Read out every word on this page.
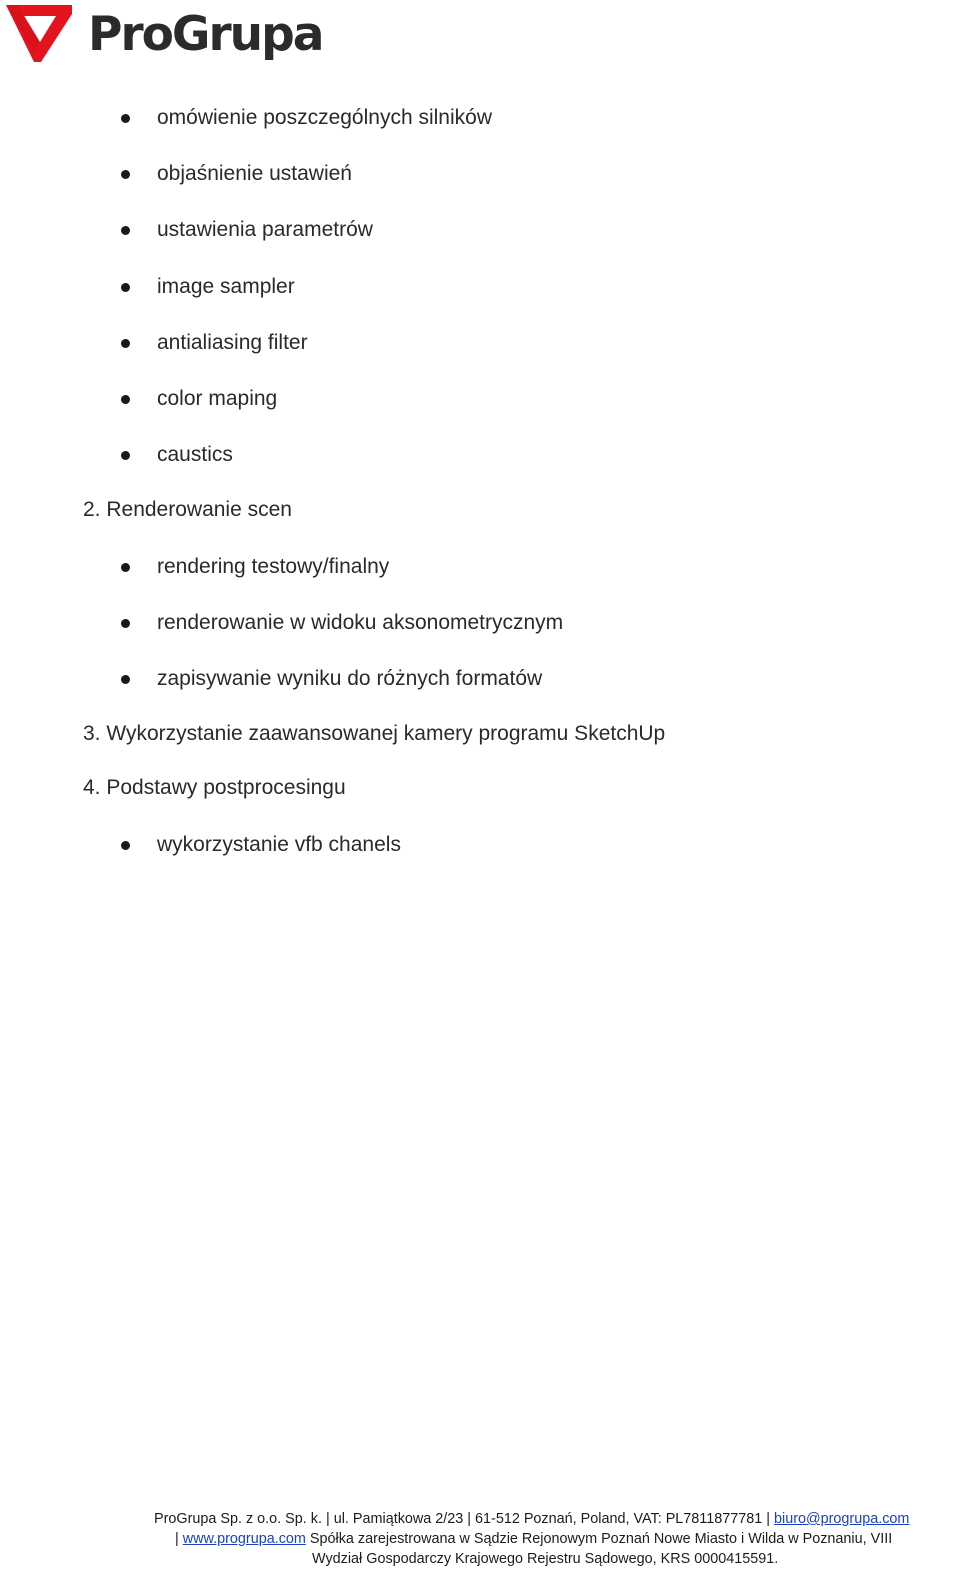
ProGrupa
omówienie poszczególnych silników
objaśnienie ustawień
ustawienia parametrów
image sampler
antialiasing filter
color maping
caustics
2. Renderowanie scen
rendering testowy/finalny
renderowanie w widoku aksonometrycznym
zapisywanie wyniku do różnych formatów
3. Wykorzystanie zaawansowanej kamery programu SketchUp
4. Podstawy postprocesingu
wykorzystanie vfb chanels
ProGrupa Sp. z o.o. Sp. k. | ul. Pamiątkowa 2/23 | 61-512 Poznań, Poland, VAT: PL7811877781 | biuro@progrupa.com
| www.progrupa.com Spółka zarejestrowana w Sądzie Rejonowym Poznań Nowe Miasto i Wilda w Poznaniu, VIII
Wydział Gospodarczy Krajowego Rejestru Sądowego, KRS 0000415591.
